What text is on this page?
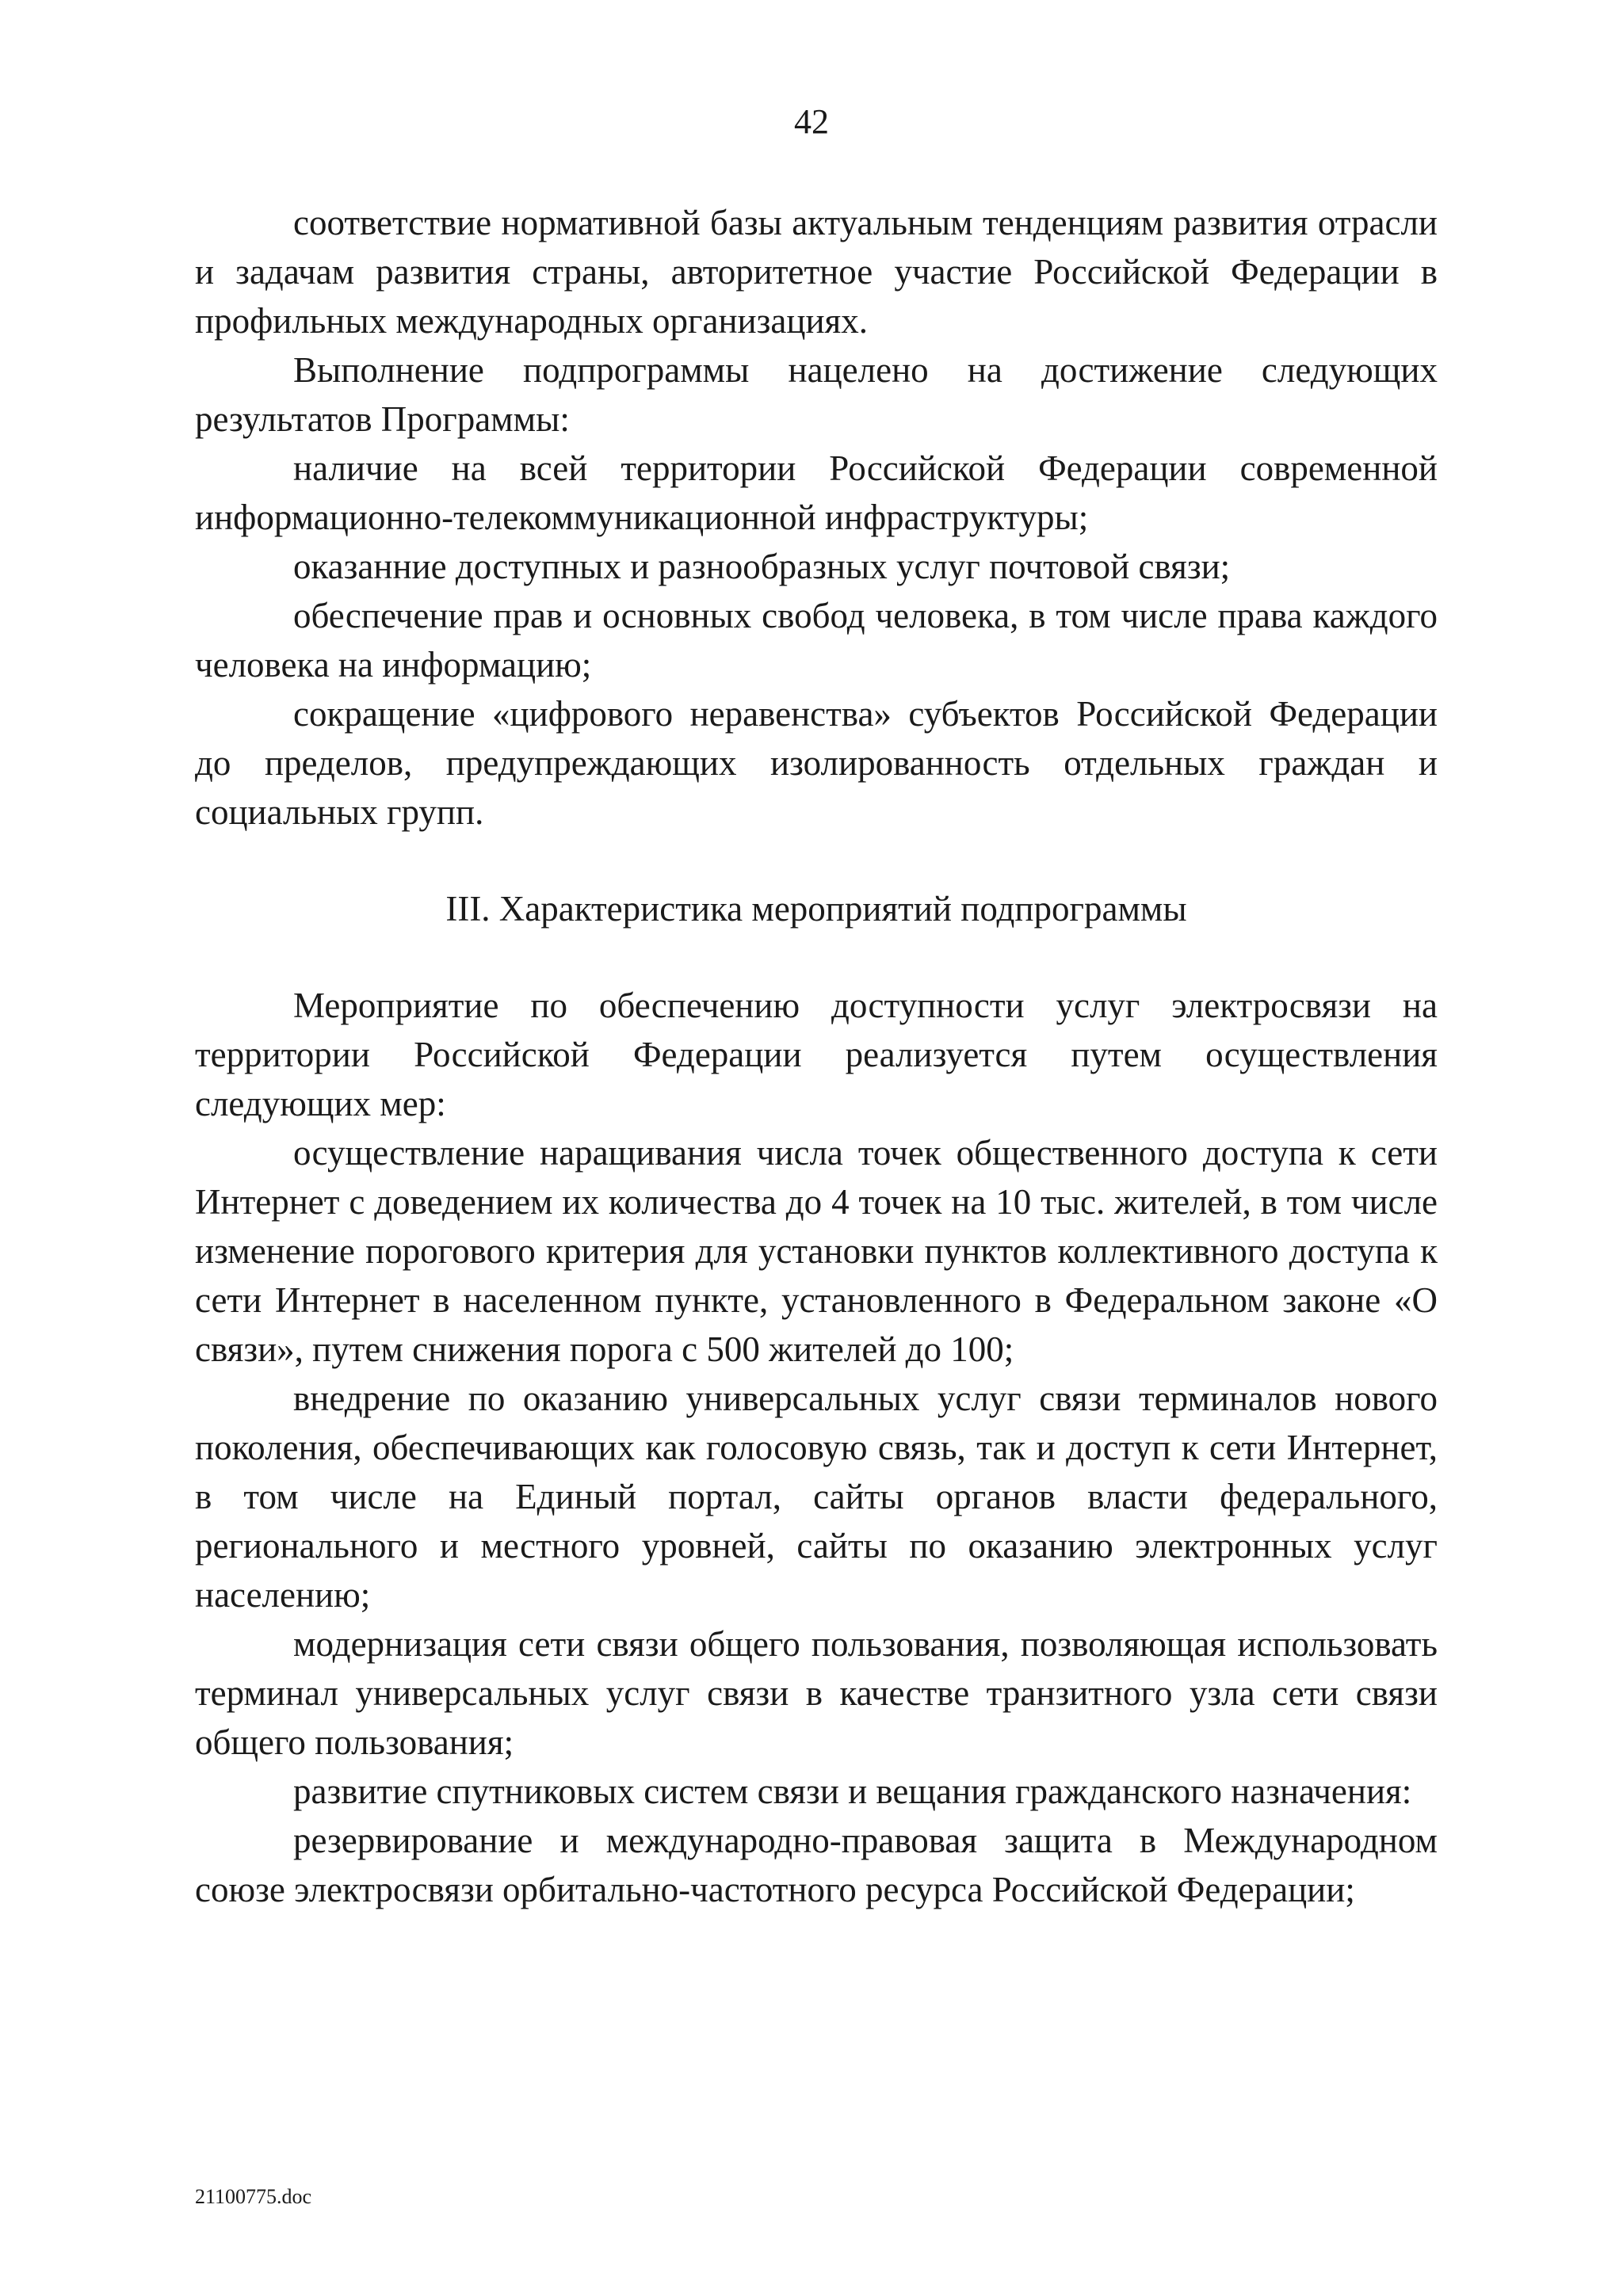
42

соответствие нормативной базы актуальным тенденциям развития отрасли и задачам развития страны, авторитетное участие Российской Федерации в профильных международных организациях.

Выполнение подпрограммы нацелено на достижение следующих результатов Программы:

наличие на всей территории Российской Федерации современной информационно-телекоммуникационной инфраструктуры;

оказанние доступных и разнообразных услуг почтовой связи;

обеспечение прав и основных свобод человека, в том числе права каждого человека на информацию;

сокращение «цифрового неравенства» субъектов Российской Федерации до пределов, предупреждающих изолированность отдельных граждан и социальных групп.

III. Характеристика мероприятий подпрограммы

Мероприятие по обеспечению доступности услуг электросвязи на территории Российской Федерации реализуется путем осуществления следующих мер:

осуществление наращивания числа точек общественного доступа к сети Интернет с доведением их количества до 4 точек на 10 тыс. жителей, в том числе изменение порогового критерия для установки пунктов коллективного доступа к сети Интернет в населенном пункте, установленного в Федеральном законе «О связи», путем снижения порога с 500 жителей до 100;

внедрение по оказанию универсальных услуг связи терминалов нового поколения, обеспечивающих как голосовую связь, так и доступ к сети Интернет, в том числе на Единый портал, сайты органов власти федерального, регионального и местного уровней, сайты по оказанию электронных услуг населению;

модернизация сети связи общего пользования, позволяющая использовать терминал универсальных услуг связи в качестве транзитного узла сети связи общего пользования;

развитие спутниковых систем связи и вещания гражданского назначения:

резервирование и международно-правовая защита в Международном союзе электросвязи орбитально-частотного ресурса Российской Федерации;

21100775.doc
